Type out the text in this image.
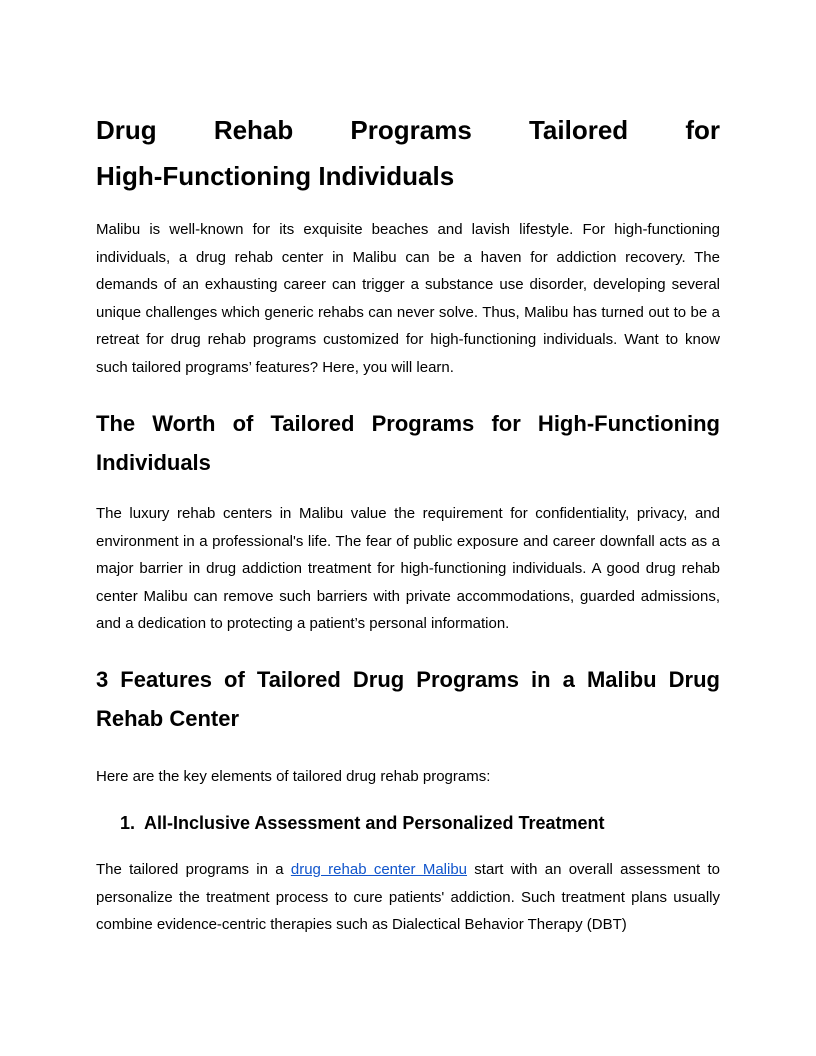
Drug Rehab Programs Tailored for
High-Functioning Individuals

Malibu is well-known for its exquisite beaches and lavish lifestyle. For high-functioning individuals, a drug rehab center in Malibu can be a haven for addiction recovery. The demands of an exhausting career can trigger a substance use disorder, developing several unique challenges which generic rehabs can never solve. Thus, Malibu has turned out to be a retreat for drug rehab programs customized for high-functioning individuals. Want to know such tailored programs’ features? Here, you will learn.

The Worth of Tailored Programs for High-Functioning
Individuals

The luxury rehab centers in Malibu value the requirement for confidentiality, privacy, and environment in a professional's life. The fear of public exposure and career downfall acts as a major barrier in drug addiction treatment for high-functioning individuals. A good drug rehab center Malibu can remove such barriers with private accommodations, guarded admissions, and a dedication to protecting a patient’s personal information.

3 Features of Tailored Drug Programs in a Malibu Drug
Rehab Center

Here are the key elements of tailored drug rehab programs:

1. All-Inclusive Assessment and Personalized Treatment

The tailored programs in a drug rehab center Malibu start with an overall assessment to personalize the treatment process to cure patients' addiction. Such treatment plans usually combine evidence-centric therapies such as Dialectical Behavior Therapy (DBT)
